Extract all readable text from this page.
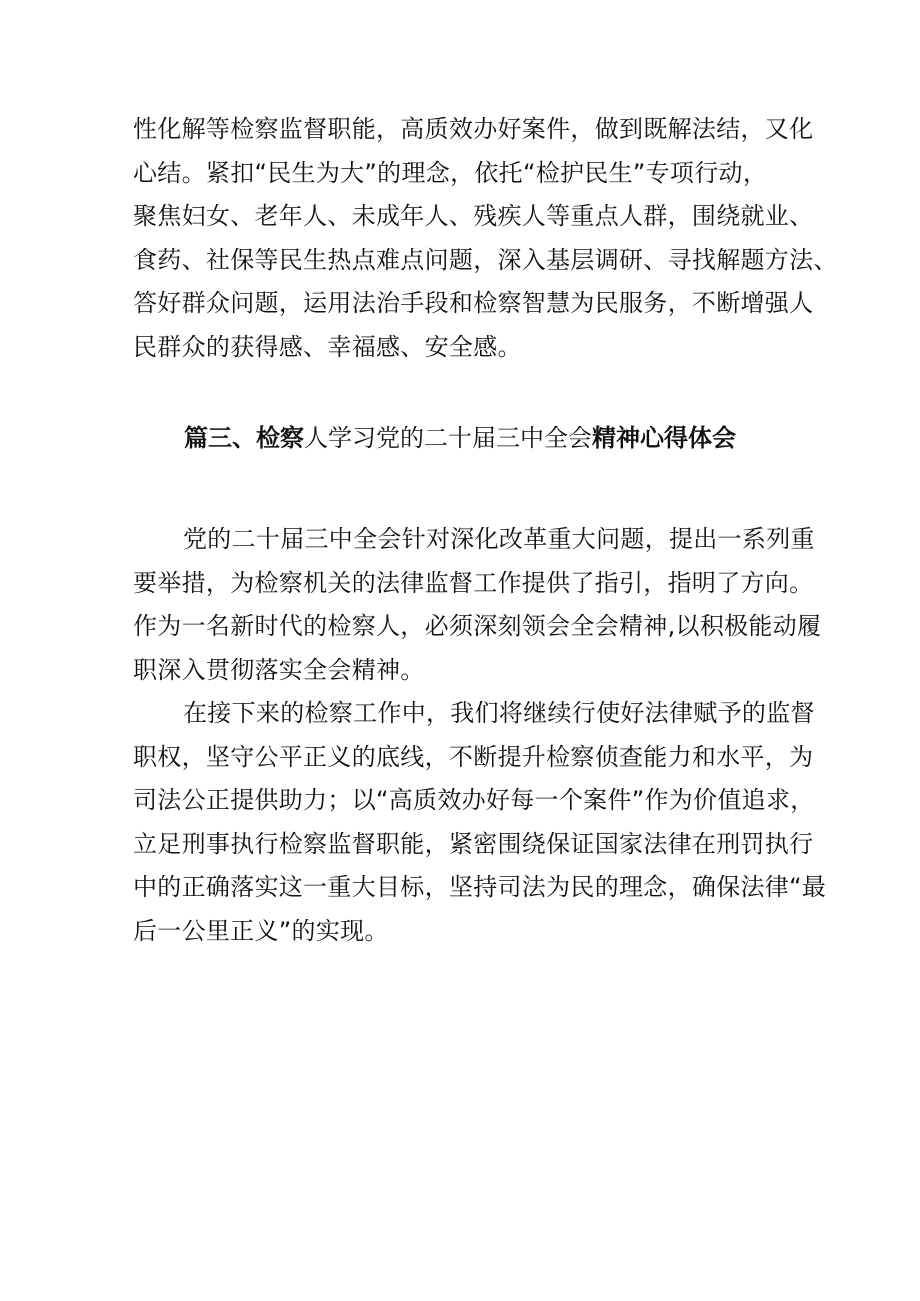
性化解等检察监督职能，高质效办好案件，做到既解法结，又化
心结。紧扣“民生为大”的理念，依托“检护民生”专项行动，
聚焦妇女、老年人、未成年人、残疾人等重点人群，围绕就业、
食药、社保等民生热点难点问题，深入基层调研、寻找解题方法、
答好群众问题，运用法治手段和检察智慧为民服务，不断增强人
民群众的获得感、幸福感、安全感。
篇三、检察人学习党的二十届三中全会精神心得体会
党的二十届三中全会针对深化改革重大问题，提出一系列重
要举措，为检察机关的法律监督工作提供了指引，指明了方向。
作为一名新时代的检察人，必须深刻领会全会精神,以积极能动履
职深入贯彻落实全会精神。
在接下来的检察工作中，我们将继续行使好法律赋予的监督
职权，坚守公平正义的底线，不断提升检察侦查能力和水平，为
司法公正提供助力；以“高质效办好每一个案件”作为价值追求，
立足刑事执行检察监督职能，紧密围绕保证国家法律在刑罚执行
中的正确落实这一重大目标，坚持司法为民的理念，确保法律“最
后一公里正义”的实现。
